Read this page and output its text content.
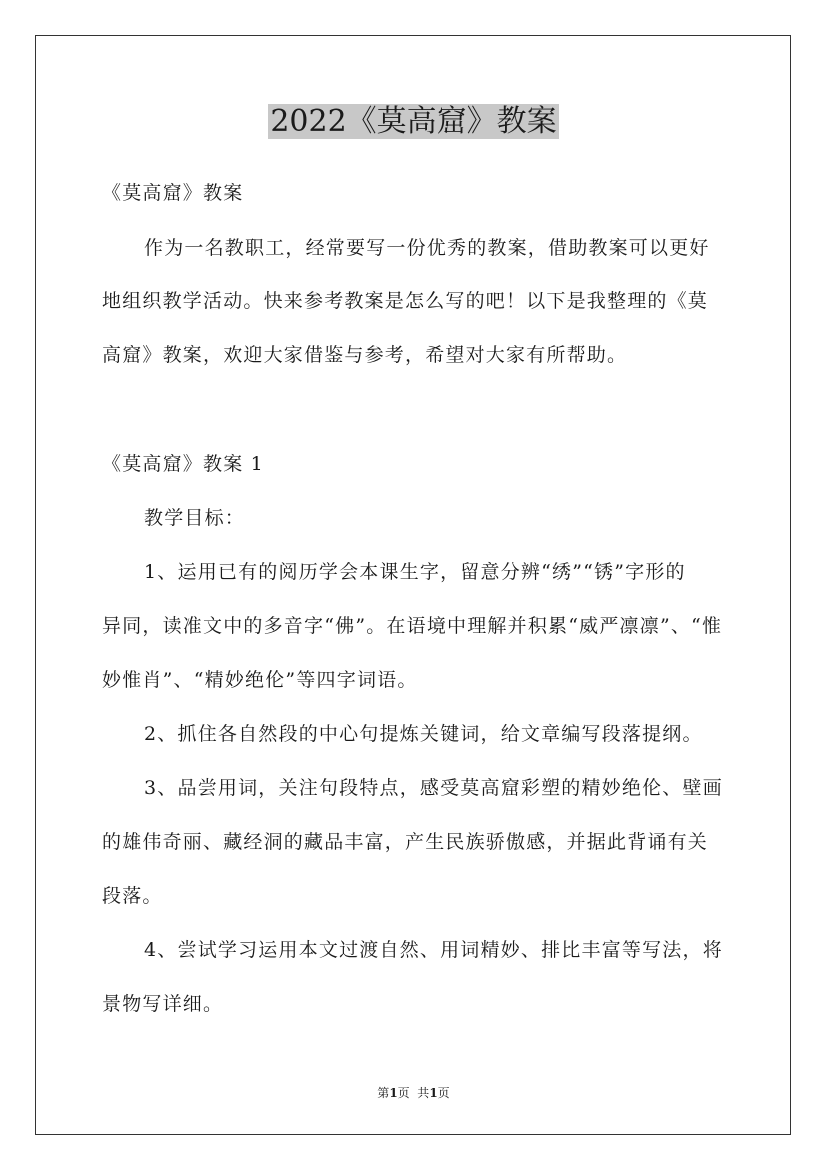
2022《莫高窟》教案
《莫高窟》教案
作为一名教职工，经常要写一份优秀的教案，借助教案可以更好
地组织教学活动。快来参考教案是怎么写的吧！以下是我整理的《莫
高窟》教案，欢迎大家借鉴与参考，希望对大家有所帮助。
《莫高窟》教案 1
教学目标：
1、运用已有的阅历学会本课生字，留意分辨“绣”“锈”字形的
异同，读准文中的多音字“佛”。在语境中理解并积累“威严凛凛”、“惟
妙惟肖”、“精妙绝伦”等四字词语。
2、抓住各自然段的中心句提炼关键词，给文章编写段落提纲。
3、品尝用词，关注句段特点，感受莫高窟彩塑的精妙绝伦、壁画
的雄伟奇丽、藏经洞的藏品丰富，产生民族骄傲感，并据此背诵有关
段落。
4、尝试学习运用本文过渡自然、用词精妙、排比丰富等写法，将
景物写详细。
第1页  共1页
